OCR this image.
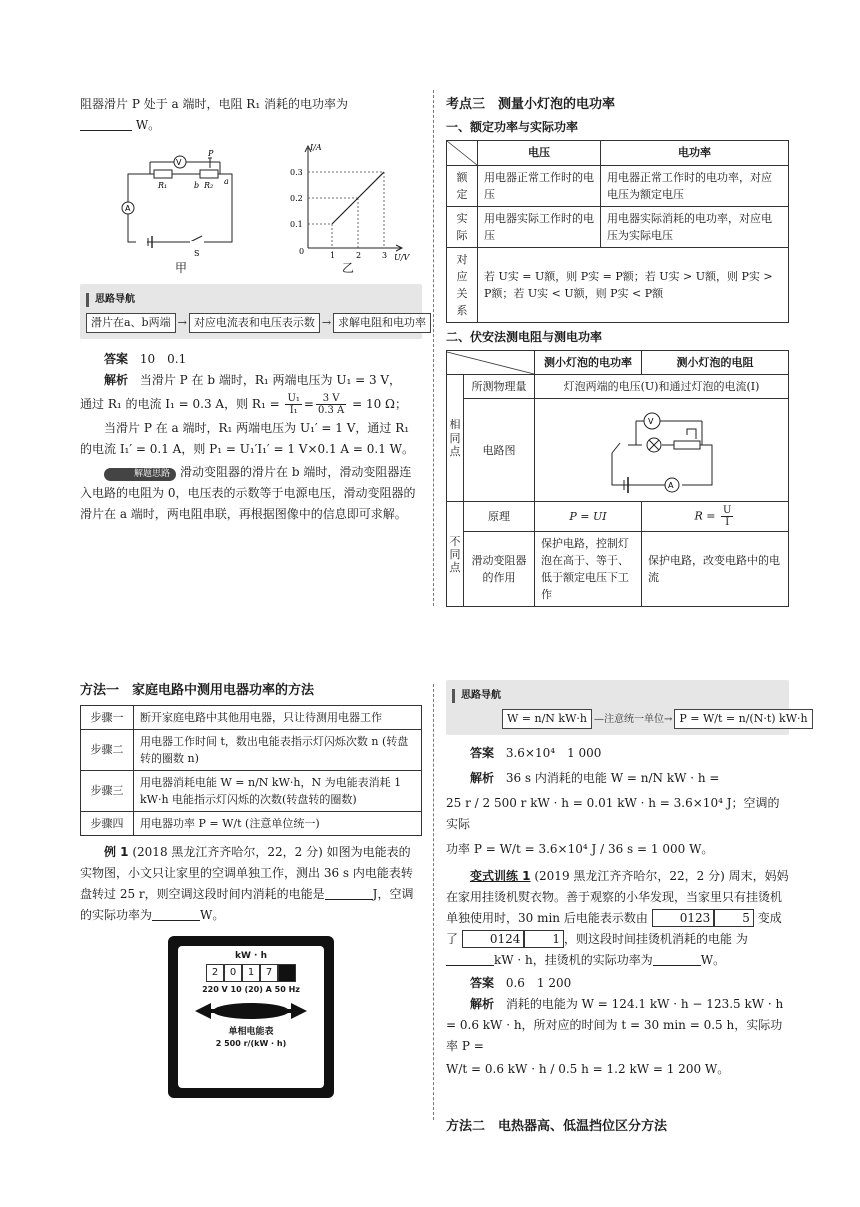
阻器滑片 P 处于 a 端时，电阻 R₁ 消耗的电功率为
W。

V
A
R₁	R₂
P
b	a
S
I/A
U/V
0.3
0.2
0.1
0	1	2	3
甲	乙
思路导航
滑片在a、b两端 → 对应电流表和电压表示数 → 求解电阻和电功率

答案 10　0.1

解析 当滑片 P 在 b 端时，R₁ 两端电压为 U₁ = 3 V，

通过 R₁ 的电流 I₁ = 0.3 A，则 $R_1 = \frac{\text{U₁}}{\text{I₁}} = \frac{3 V}{0.3 A} = 10$ Ω；

当滑片 P 在 a 端时，R₁ 两端电压为 U₁′ = 1 V，通过 R₁

的电流 I₁′ = 0.1 A，则 P₁ = U₁′I₁′ = 1 V×0.1 A = 0.1 W。

解题思路 滑动变阻器的滑片在 b 端时，滑动变阻器连入电路的电阻为 0，电压表的示数等于电源电压，滑动变阻器的滑片在 a 端时，两电阻串联，再根据图像中的信息即可求解。

考点三　测量小灯泡的电功率
一、额定功率与实际功率
	电压	电功率
额定	用电器正常工作时的电压	用电器正常工作时的电功率，对应电压为额定电压
实际	用电器实际工作时的电压	用电器实际消耗的电功率，对应电压为实际电压
对应关系	若 U实 = U额，则 P实 = P额；若 U实 > U额，则 P实 > P额；若 U实 < U额，则 P实 < P额	
二、伏安法测电阻与测电功率
	测小灯泡的电功率	测小灯泡的电阻
相同点	所测物理量	灯泡两端的电压(U)和通过灯泡的电流(I)	
	电路图	V
A	

不同点	原理	P = UI	$R = \frac{U}{I}$

	滑动变阻器的作用	保护电路，控制灯泡在高于、等于、低于额定电压下工作	保护电路，改变电路中的电流
方法一　家庭电路中测用电器功率的方法
步骤一	断开家庭电路中其他用电器，只让待测用电器工作
步骤二	用电器工作时间 t，数出电能表指示灯闪烁次数 n (转盘转的圈数 n)
步骤三	用电器消耗电能 W = n/N kW·h，N 为电能表消耗 1 kW·h 电能指示灯闪烁的次数(转盘转的圈数)
步骤四	用电器功率 P = W/t (注意单位统一)

例 1 (2018 黑龙江齐齐哈尔，22，2 分) 如图为电能表的实物图，小文只让家里的空调单独工作，测出 36 s 内电能表转盘转过 25 r，则空调这段时间内消耗的电能是	J，空调的实际功率为	W。

kW · h
2	0	1	7
220 V 10 (20) A 50 Hz
单相电能表
2 500 r/(kW · h)
思路导航
W = n/N kW·h —注意统一单位→ P = W/t = n/(N·t) kW·h

答案 3.6×10⁴　1 000

解析 36 s 内消耗的电能 W = n/N kW · h =

25 r / 2 500 r kW · h = 0.01 kW · h = 3.6×10⁴ J；空调的实际

功率 P = W/t = 3.6×10⁴ J / 36 s = 1 000 W。

变式训练 1 (2019 黑龙江齐齐哈尔，22，2 分) 周末，妈妈在家用挂烫机熨衣物。善于观察的小华发现，当家里只有挂烫机单独使用时，30 min 后电能表示数由	0123	5 变成了	0124	1 ，则这段时间挂烫机消耗的电能 为kW · h，挂烫机的实际功率为	W。

答案 0.6　1 200

解析 消耗的电能为 W = 124.1 kW · h − 123.5 kW · h = 0.6 kW · h，所对应的时间为 t = 30 min = 0.5 h，实际功率 P =

W/t = 0.6 kW · h / 0.5 h = 1.2 kW = 1 200 W。

方法二　电热器高、低温挡位区分方法
